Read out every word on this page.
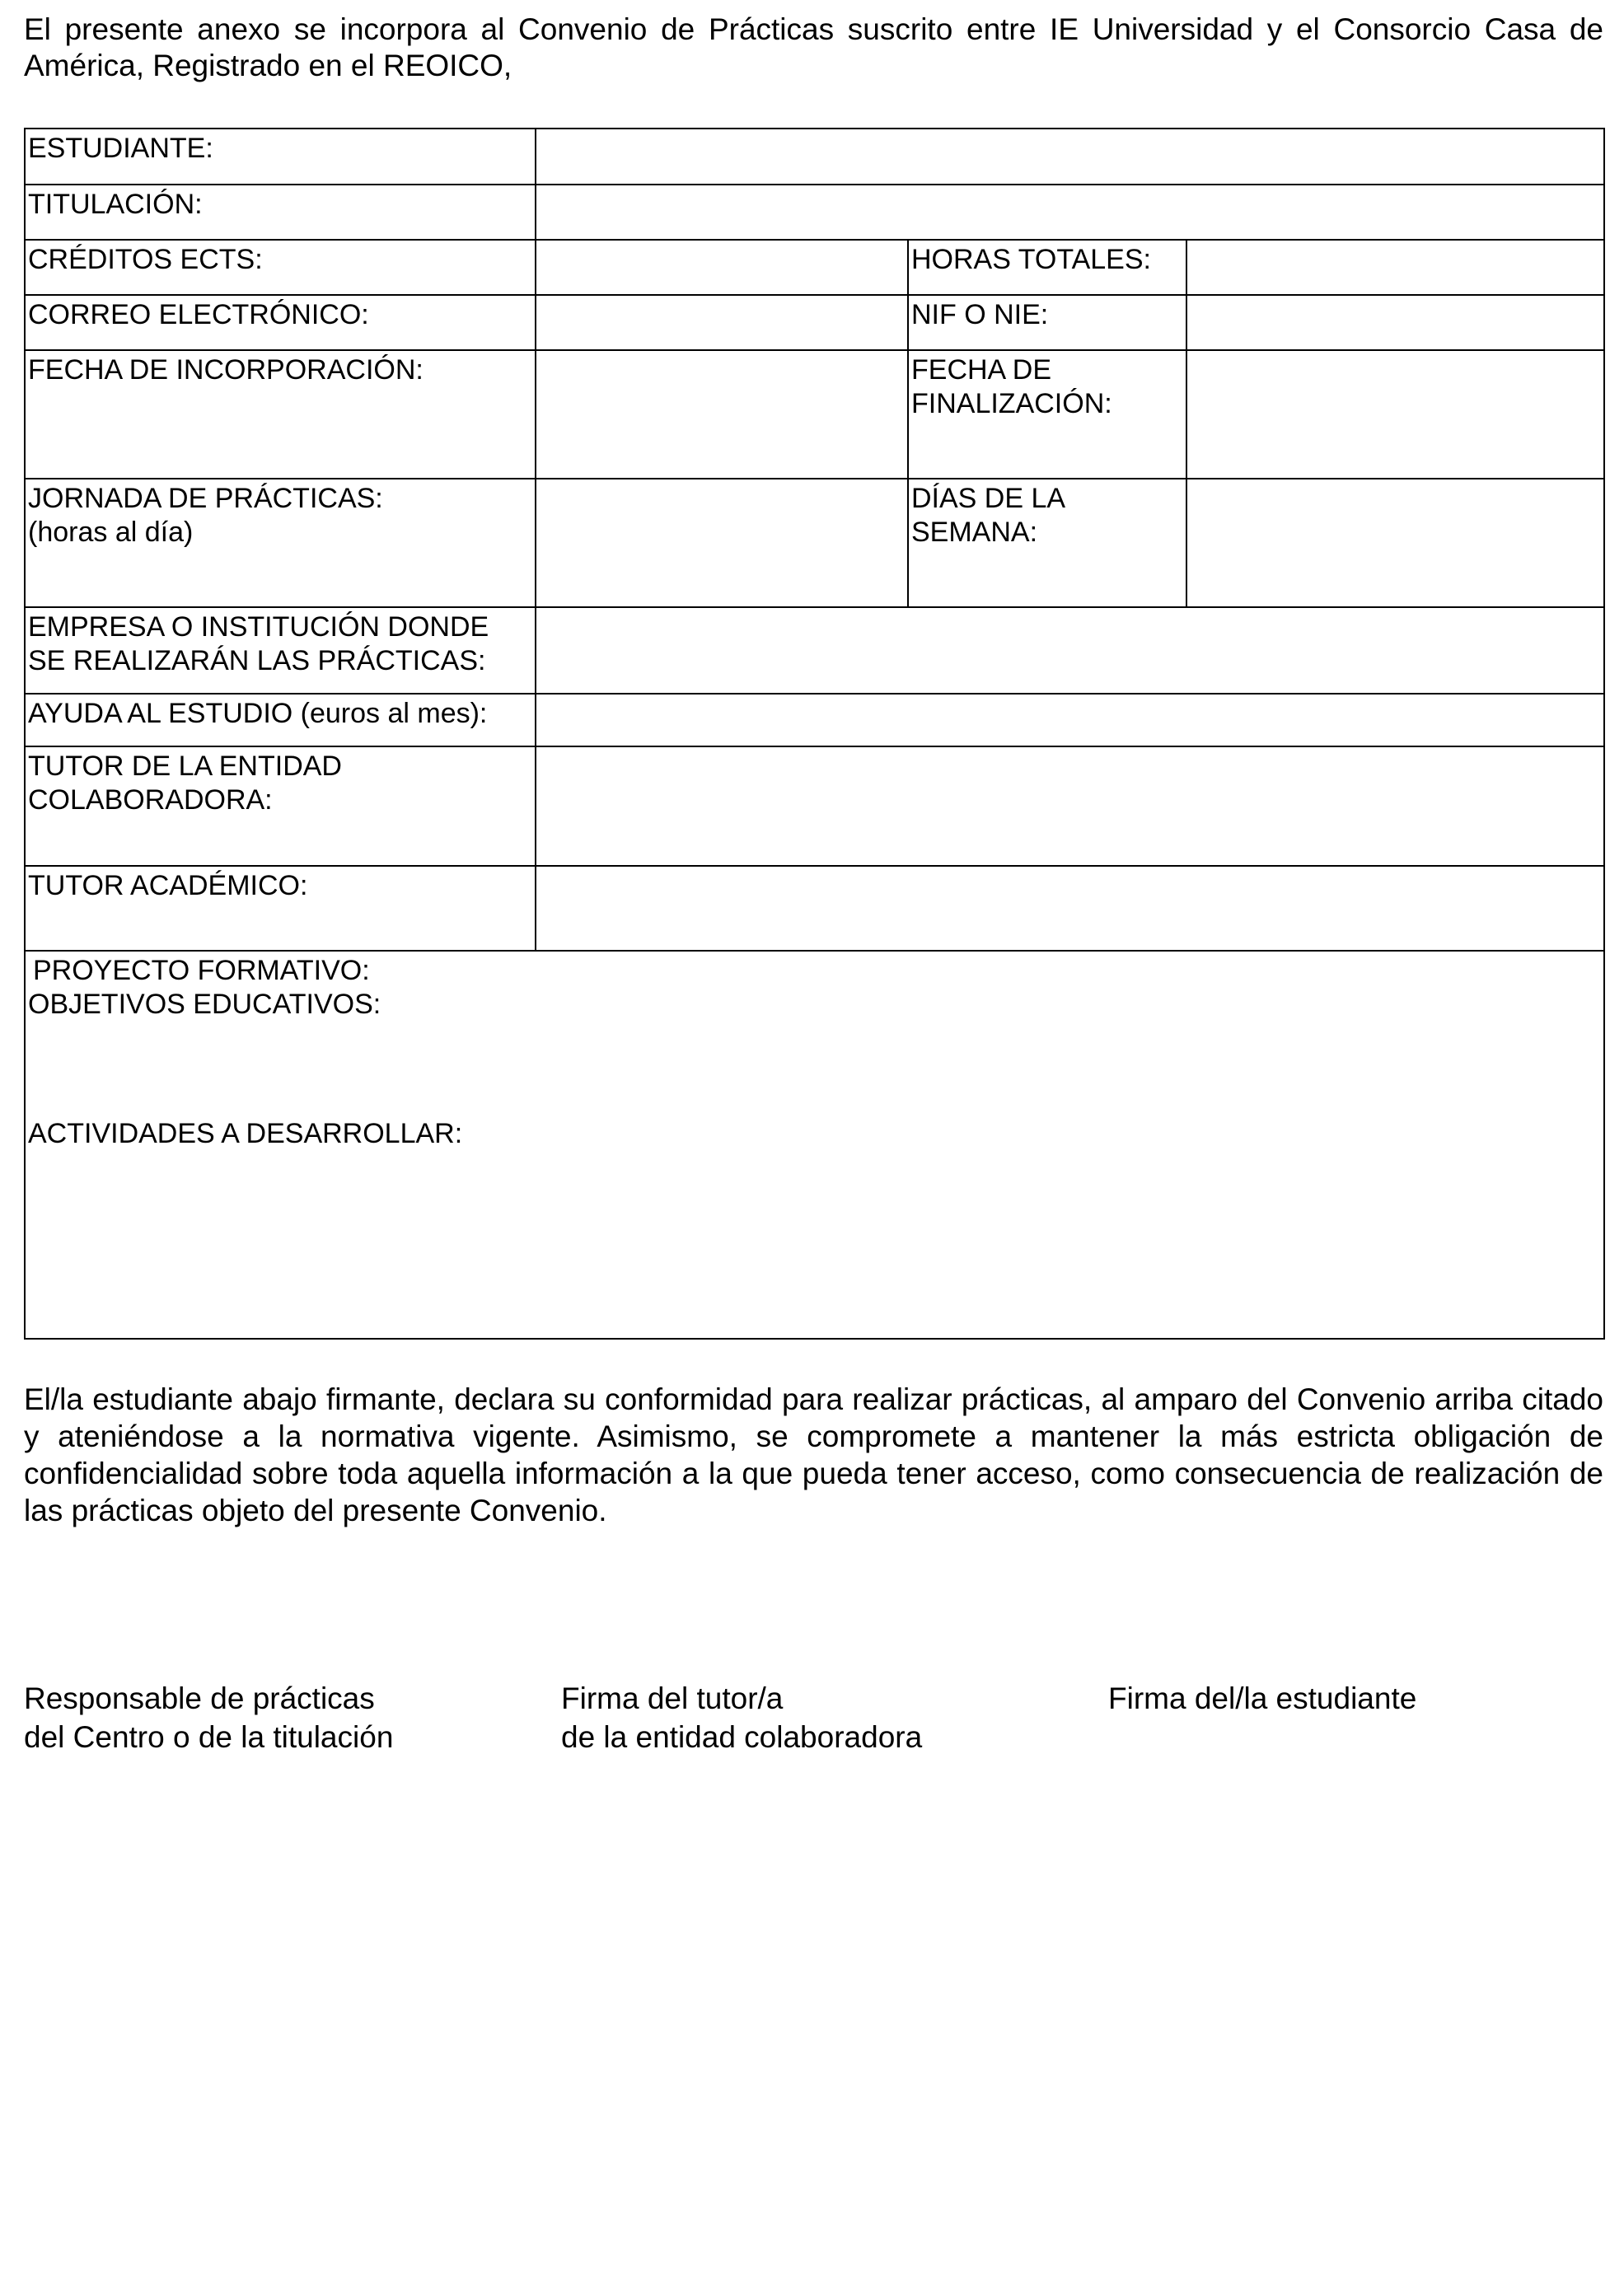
El presente anexo se incorpora al Convenio de Prácticas suscrito entre IE Universidad y el Consorcio Casa de América, Registrado en el REOICO,

ESTUDIANTE:			
TITULACIÓN:			
CRÉDITOS ECTS:		HORAS TOTALES:	
CORREO ELECTRÓNICO:		NIF O NIE:	
FECHA DE INCORPORACIÓN:		FECHA DE
FINALIZACIÓN:	
JORNADA DE PRÁCTICAS:
(horas al día)		DÍAS DE LA
SEMANA:	
EMPRESA O INSTITUCIÓN DONDE
SE REALIZARÁN LAS PRÁCTICAS:			
AYUDA AL ESTUDIO (euros al mes):			
TUTOR DE LA ENTIDAD
COLABORADORA:			
TUTOR ACADÉMICO:			

PROYECTO FORMATIVO:
OBJETIVOS EDUCATIVOS:
ACTIVIDADES A DESARROLLAR:			

El/la estudiante abajo firmante, declara su conformidad para realizar prácticas, al amparo del Convenio arriba citado y ateniéndose a la normativa vigente. Asimismo, se compromete a mantener la más estricta obligación de confidencialidad sobre toda aquella información a la que pueda tener acceso, como consecuencia de realización de las prácticas objeto del presente Convenio.

Responsable de prácticas
del Centro o de la titulación

Firma del tutor/a
de la entidad colaboradora

Firma del/la estudiante
